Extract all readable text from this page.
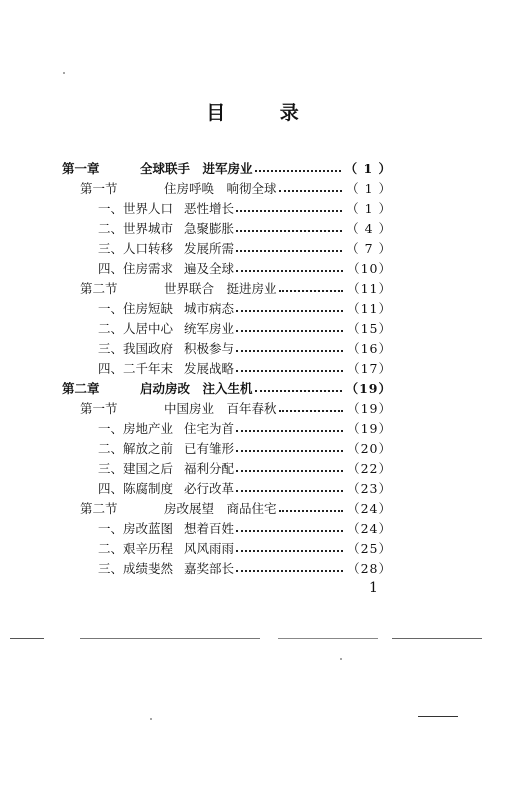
目 录
第一章	全球联手　进军房业	（ 1 ）
第一节	住房呼唤　响彻全球	（ 1 ）
一、世界人口 恶性增长	（ 1 ）
二、世界城市 急聚膨胀	（ 4 ）
三、人口转移 发展所需	（ 7 ）
四、住房需求 遍及全球	（10）
第二节	世界联合　挺进房业	（11）
一、住房短缺 城市病态	（11）
二、人居中心 统军房业	（15）
三、我国政府 积极参与	（16）
四、二千年末 发展战略	（17）
第二章	启动房改　注入生机	（19）
第一节	中国房业　百年春秋	（19）
一、房地产业 住宅为首	（19）
二、解放之前 已有雏形	（20）
三、建国之后 福利分配	（22）
四、陈腐制度 必行改革	（23）
第二节	房改展望　商品住宅	（24）
一、房改蓝图 想着百姓	（24）
二、艰辛历程 风风雨雨	（25）
三、成绩斐然 嘉奖部长	（28）
1
